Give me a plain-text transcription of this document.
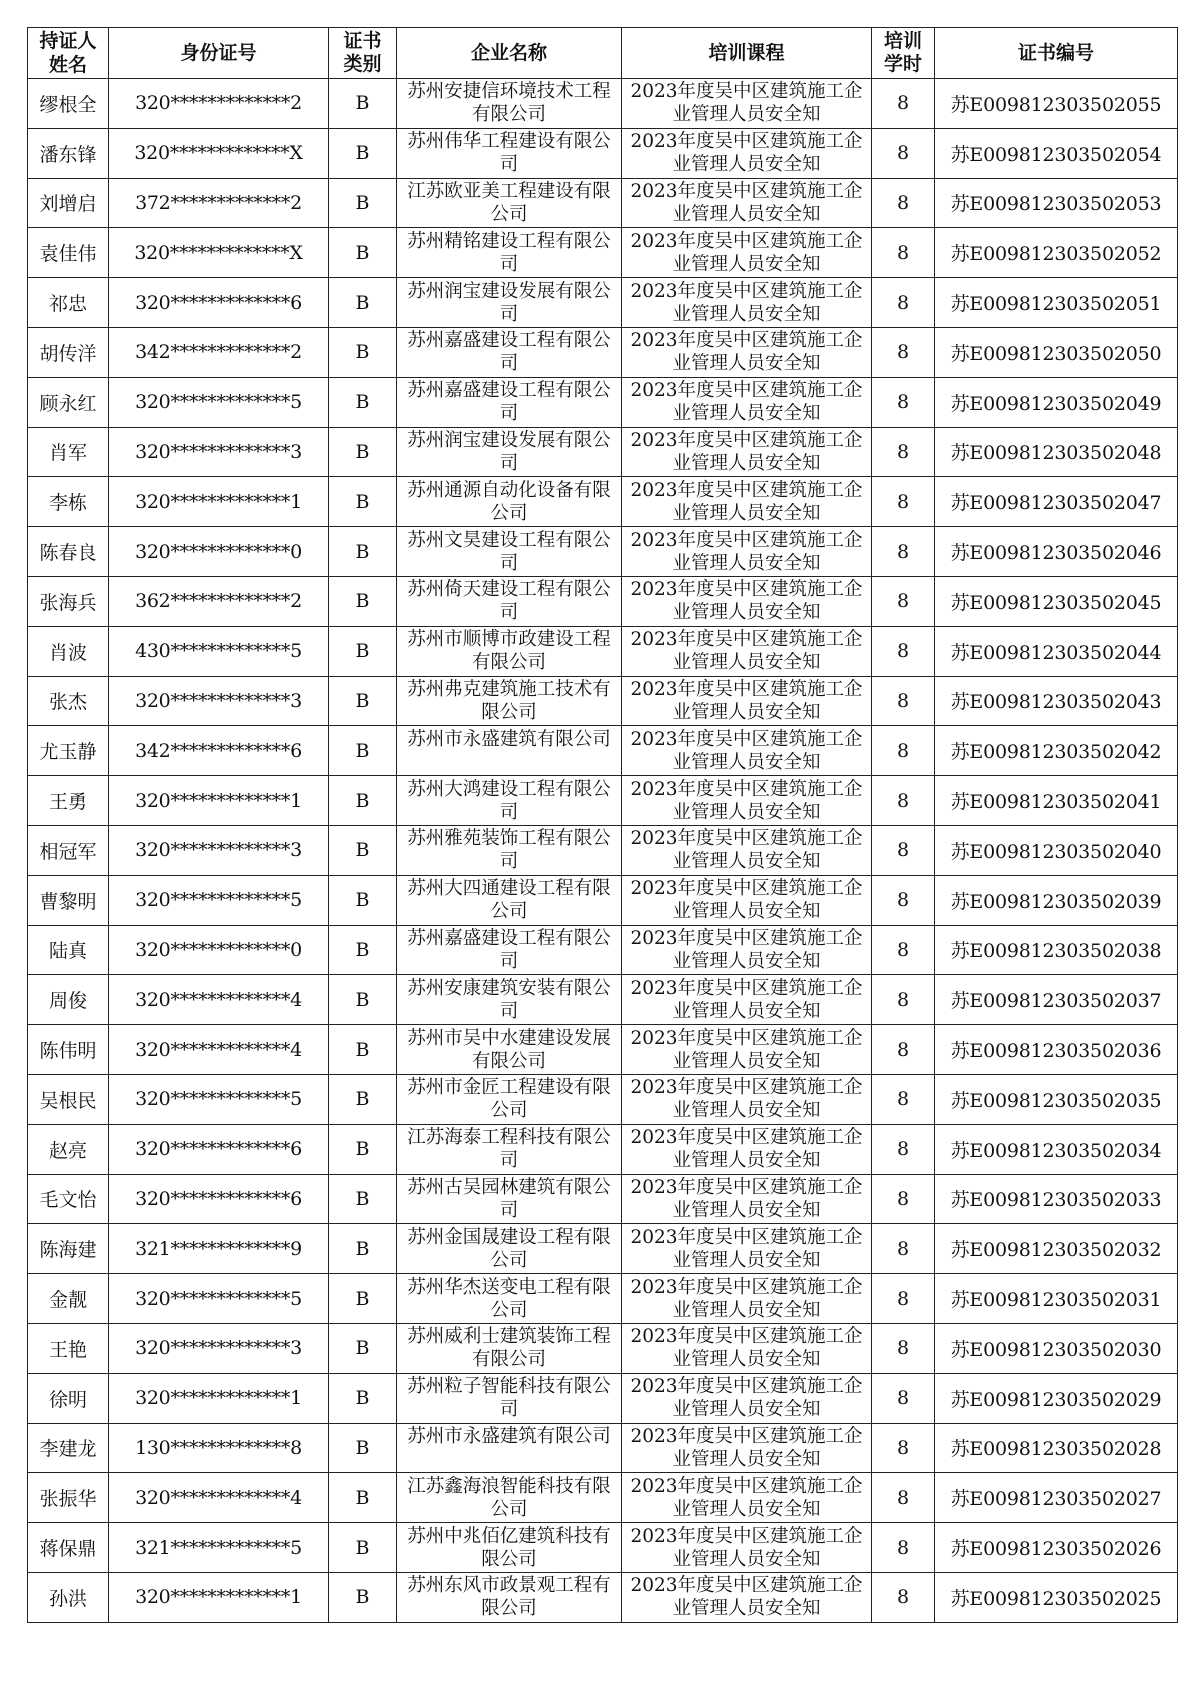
持证人姓名	身份证号	证书类别	企业名称	培训课程	培训学时	证书编号
缪根全	320*************2	B	苏州安捷信环境技术工程有限公司	2023年度吴中区建筑施工企业管理人员安全知	8	苏E009812303502055
潘东锋	320*************X	B	苏州伟华工程建设有限公司	2023年度吴中区建筑施工企业管理人员安全知	8	苏E009812303502054
刘增启	372*************2	B	江苏欧亚美工程建设有限公司	2023年度吴中区建筑施工企业管理人员安全知	8	苏E009812303502053
袁佳伟	320*************X	B	苏州精铭建设工程有限公司	2023年度吴中区建筑施工企业管理人员安全知	8	苏E009812303502052
祁忠	320*************6	B	苏州润宝建设发展有限公司	2023年度吴中区建筑施工企业管理人员安全知	8	苏E009812303502051
胡传洋	342*************2	B	苏州嘉盛建设工程有限公司	2023年度吴中区建筑施工企业管理人员安全知	8	苏E009812303502050
顾永红	320*************5	B	苏州嘉盛建设工程有限公司	2023年度吴中区建筑施工企业管理人员安全知	8	苏E009812303502049
肖军	320*************3	B	苏州润宝建设发展有限公司	2023年度吴中区建筑施工企业管理人员安全知	8	苏E009812303502048
李栋	320*************1	B	苏州通源自动化设备有限公司	2023年度吴中区建筑施工企业管理人员安全知	8	苏E009812303502047
陈春良	320*************0	B	苏州文昊建设工程有限公司	2023年度吴中区建筑施工企业管理人员安全知	8	苏E009812303502046
张海兵	362*************2	B	苏州倚天建设工程有限公司	2023年度吴中区建筑施工企业管理人员安全知	8	苏E009812303502045
肖波	430*************5	B	苏州市顺博市政建设工程有限公司	2023年度吴中区建筑施工企业管理人员安全知	8	苏E009812303502044
张杰	320*************3	B	苏州弗克建筑施工技术有限公司	2023年度吴中区建筑施工企业管理人员安全知	8	苏E009812303502043
尤玉静	342*************6	B	苏州市永盛建筑有限公司	2023年度吴中区建筑施工企业管理人员安全知	8	苏E009812303502042
王勇	320*************1	B	苏州大鸿建设工程有限公司	2023年度吴中区建筑施工企业管理人员安全知	8	苏E009812303502041
相冠军	320*************3	B	苏州雅苑装饰工程有限公司	2023年度吴中区建筑施工企业管理人员安全知	8	苏E009812303502040
曹黎明	320*************5	B	苏州大四通建设工程有限公司	2023年度吴中区建筑施工企业管理人员安全知	8	苏E009812303502039
陆真	320*************0	B	苏州嘉盛建设工程有限公司	2023年度吴中区建筑施工企业管理人员安全知	8	苏E009812303502038
周俊	320*************4	B	苏州安康建筑安装有限公司	2023年度吴中区建筑施工企业管理人员安全知	8	苏E009812303502037
陈伟明	320*************4	B	苏州市吴中水建建设发展有限公司	2023年度吴中区建筑施工企业管理人员安全知	8	苏E009812303502036
吴根民	320*************5	B	苏州市金匠工程建设有限公司	2023年度吴中区建筑施工企业管理人员安全知	8	苏E009812303502035
赵亮	320*************6	B	江苏海泰工程科技有限公司	2023年度吴中区建筑施工企业管理人员安全知	8	苏E009812303502034
毛文怡	320*************6	B	苏州古吴园林建筑有限公司	2023年度吴中区建筑施工企业管理人员安全知	8	苏E009812303502033
陈海建	321*************9	B	苏州金国晟建设工程有限公司	2023年度吴中区建筑施工企业管理人员安全知	8	苏E009812303502032
金靓	320*************5	B	苏州华杰送变电工程有限公司	2023年度吴中区建筑施工企业管理人员安全知	8	苏E009812303502031
王艳	320*************3	B	苏州威利士建筑装饰工程有限公司	2023年度吴中区建筑施工企业管理人员安全知	8	苏E009812303502030
徐明	320*************1	B	苏州粒子智能科技有限公司	2023年度吴中区建筑施工企业管理人员安全知	8	苏E009812303502029
李建龙	130*************8	B	苏州市永盛建筑有限公司	2023年度吴中区建筑施工企业管理人员安全知	8	苏E009812303502028
张振华	320*************4	B	江苏鑫海浪智能科技有限公司	2023年度吴中区建筑施工企业管理人员安全知	8	苏E009812303502027
蒋保鼎	321*************5	B	苏州中兆佰亿建筑科技有限公司	2023年度吴中区建筑施工企业管理人员安全知	8	苏E009812303502026
孙洪	320*************1	B	苏州东风市政景观工程有限公司	2023年度吴中区建筑施工企业管理人员安全知	8	苏E009812303502025
